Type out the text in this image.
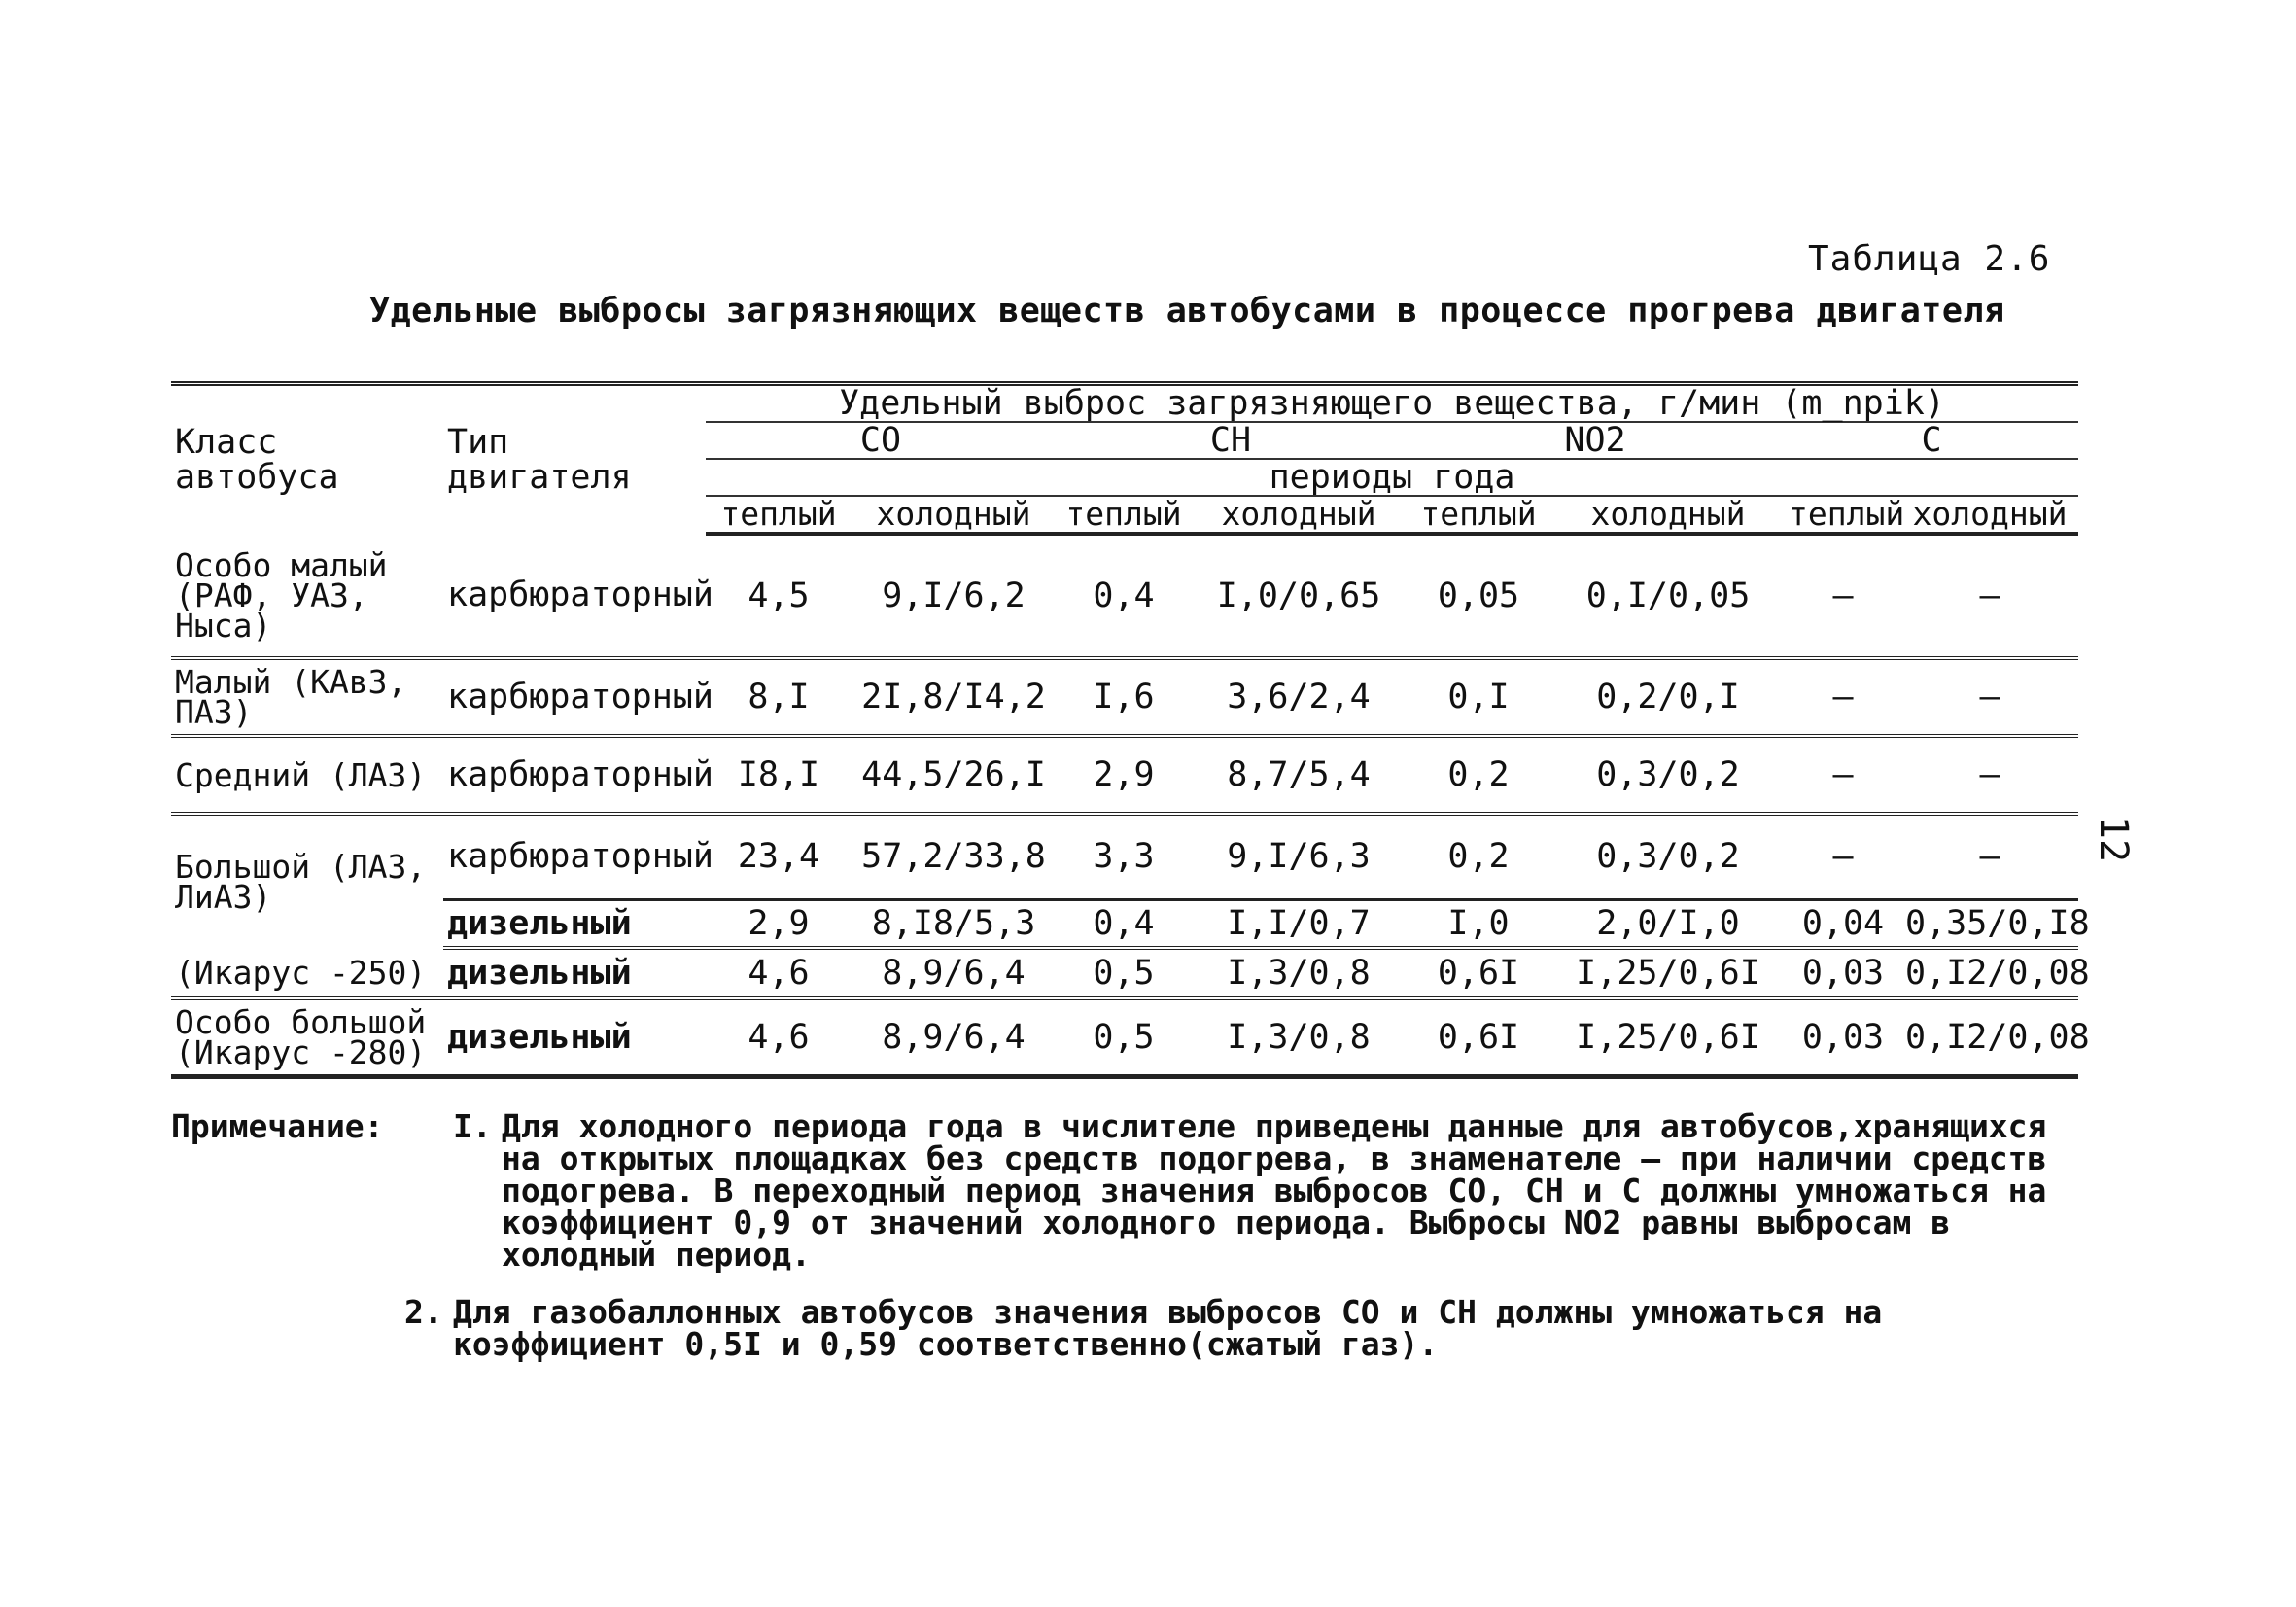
Таблица 2.6
Удельные выбросы загрязняющих веществ автобусами в процессе прогрева двигателя
12
Класс автобуса	Тип двигателя	Удельный выброс загрязняющего вещества, г/мин (m_npik)							
		CO		CH		NO2		C	
		периоды года							
		теплый	холодный	теплый	холодный	теплый	холодный	теплый	холодный
Особо малый (РАФ, УАЗ, Ныса)	карбюраторный	4,5	9,I/6,2	0,4	I,0/0,65	0,05	0,I/0,05	–	–
Малый (КАвЗ, ПАЗ)	карбюраторный	8,I	2I,8/I4,2	I,6	3,6/2,4	0,I	0,2/0,I	–	–
Средний (ЛАЗ)	карбюраторный	I8,I	44,5/26,I	2,9	8,7/5,4	0,2	0,3/0,2	–	–
Большой (ЛАЗ, ЛиАЗ)	карбюраторный	23,4	57,2/33,8	3,3	9,I/6,3	0,2	0,3/0,2	–	–
	дизельный	2,9	8,I8/5,3	0,4	I,I/0,7	I,0	2,0/I,0	0,04	0,35/0,I8
(Икарус -250)	дизельный	4,6	8,9/6,4	0,5	I,3/0,8	0,6I	I,25/0,6I	0,03	0,I2/0,08
Особо большой (Икарус -280)	дизельный	4,6	8,9/6,4	0,5	I,3/0,8	0,6I	I,25/0,6I	0,03	0,I2/0,08
Примечание:	I. Для холодного периода года в числителе приведены данные для автобусов,хранящихся на открытых площадках без средств подогрева, в знаменателе – при наличии средств подогрева. В переходный период значения выбросов CO, CH и C должны умножаться на коэффициент 0,9 от значений холодного периода. Выбросы NO2 равны выбросам в холодный период.
2. Для газобаллонных автобусов значения выбросов CO и CH должны умножаться на коэффициент 0,5I и 0,59 соответственно(сжатый газ).
